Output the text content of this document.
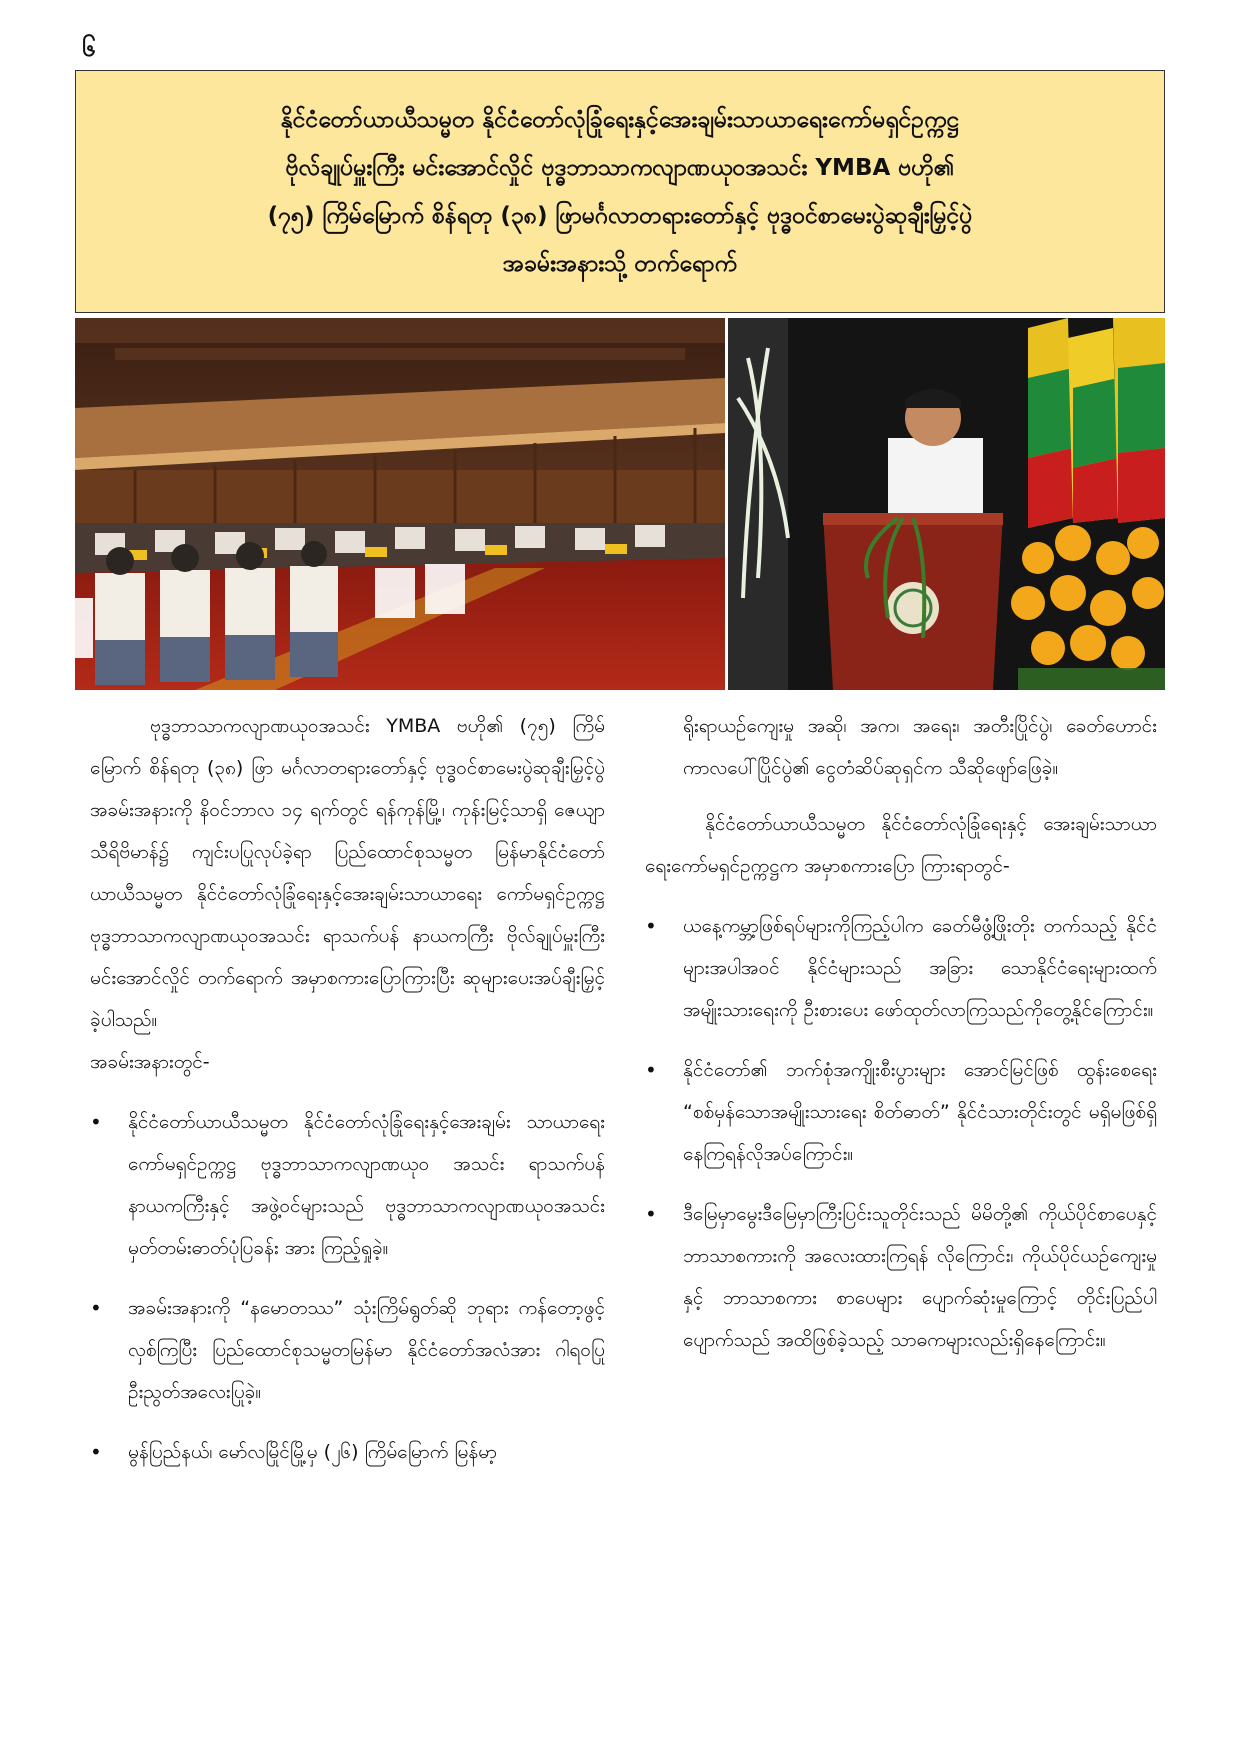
၆
နိုင်ငံတော်ယာယီသမ္မတ နိုင်ငံတော်လုံခြုံရေးနှင့်အေးချမ်းသာယာရေးကော်မရှင်ဥက္ကဋ္ဌ
ဗိုလ်ချုပ်မှူးကြီး မင်းအောင်လှိုင် ဗုဒ္ဓဘာသာကလျာဏယုဝအသင်း YMBA ဗဟို၏
(၇၅) ကြိမ်မြောက် စိန်ရတု (၃၈) ဖြာမင်္ဂလာတရားတော်နှင့် ဗုဒ္ဓဝင်စာမေးပွဲဆုချီးမြှင့်ပွဲ
အခမ်းအနားသို့ တက်ရောက်

ဗုဒ္ဓဘာသာကလျာဏယုဝအသင်း YMBA ဗဟို၏ (၇၅) ကြိမ်မြောက် စိန်ရတု (၃၈) ဖြာ မင်္ဂလာတရားတော်နှင့် ဗုဒ္ဓဝင်စာမေးပွဲဆုချီးမြှင့်ပွဲအခမ်းအနားကို နိဝင်ဘာလ ၁၄ ရက်တွင် ရန်ကုန်မြို့၊ ကုန်းမြင့်သာရှိ ဇေယျာသီရိဗိမာန်၌ ကျင်းပပြုလုပ်ခဲ့ရာ ပြည်ထောင်စုသမ္မတ မြန်မာနိုင်ငံတော် ယာယီသမ္မတ နိုင်ငံတော်လုံခြုံရေးနှင့်အေးချမ်းသာယာရေး ကော်မရှင်ဥက္ကဋ္ဌ ဗုဒ္ဓဘာသာကလျာဏယုဝအသင်း ရာသက်ပန် နာယကကြီး ဗိုလ်ချုပ်မှူးကြီး မင်းအောင်လှိုင် တက်ရောက် အမှာစကားပြောကြားပြီး ဆုများပေးအပ်ချီးမြှင့်ခဲ့ပါသည်။

အခမ်းအနားတွင်-

• နိုင်ငံတော်ယာယီသမ္မတ နိုင်ငံတော်လုံခြုံရေးနှင့်အေးချမ်း သာယာရေးကော်မရှင်ဥက္ကဋ္ဌ ဗုဒ္ဓဘာသာကလျာဏယုဝ အသင်း ရာသက်ပန်နာယကကြီးနှင့် အဖွဲ့ဝင်များသည် ဗုဒ္ဓဘာသာကလျာဏယုဝအသင်း မှတ်တမ်းဓာတ်ပုံပြခန်း အား ကြည့်ရှုခဲ့။
• အခမ်းအနားကို “နမောတဿ” သုံးကြိမ်ရွတ်ဆို ဘုရား ကန်တော့ဖွင့်လှစ်ကြပြီး ပြည်ထောင်စုသမ္မတမြန်မာ နိုင်ငံတော်အလံအား ဂါရဝပြုဦးညွတ်အလေးပြုခဲ့။
• မွန်ပြည်နယ်၊ မော်လမြိုင်မြို့မှ (၂၆) ကြိမ်မြောက် မြန်မာ့

ရိုးရာယဉ်ကျေးမှု အဆို၊ အက၊ အရေး၊ အတီးပြိုင်ပွဲ၊ ခေတ်ဟောင်းကာလပေါ်ပြိုင်ပွဲ၏ ငွေတံဆိပ်ဆုရှင်က သီဆိုဖျော်ဖြေခဲ့။

နိုင်ငံတော်ယာယီသမ္မတ နိုင်ငံတော်လုံခြုံရေးနှင့် အေးချမ်းသာယာရေးကော်မရှင်ဥက္ကဋ္ဌက အမှာစကားပြော ကြားရာတွင်-

• ယနေ့ကမ္ဘာ့ဖြစ်ရပ်များကိုကြည့်ပါက ခေတ်မီဖွံ့ဖြိုးတိုး တက်သည့် နိုင်ငံများအပါအဝင် နိုင်ငံများသည် အခြား သောနိုင်ငံရေးများထက် အမျိုးသားရေးကို ဦးစားပေး ဖော်ထုတ်လာကြသည်ကိုတွေ့နိုင်ကြောင်း။
• နိုင်ငံတော်၏ ဘက်စုံအကျိုးစီးပွားများ အောင်မြင်ဖြစ် ထွန်းစေရေး “စစ်မှန်သောအမျိုးသားရေး စိတ်ဓာတ်” နိုင်ငံသားတိုင်းတွင် မရှိမဖြစ်ရှိနေကြရန်လိုအပ်ကြောင်း။
• ဒီမြေမှာမွေးဒီမြေမှာကြီးပြင်းသူတိုင်းသည် မိမိတို့၏ ကိုယ်ပိုင်စာပေနှင့်ဘာသာစကားကို အလေးထားကြရန် လိုကြောင်း၊ ကိုယ်ပိုင်ယဉ်ကျေးမှုနှင့် ဘာသာစကား စာပေများ ပျောက်ဆုံးမှုကြောင့် တိုင်းပြည်ပါပျောက်သည် အထိဖြစ်ခဲ့သည့် သာဓကများလည်းရှိနေကြောင်း။
